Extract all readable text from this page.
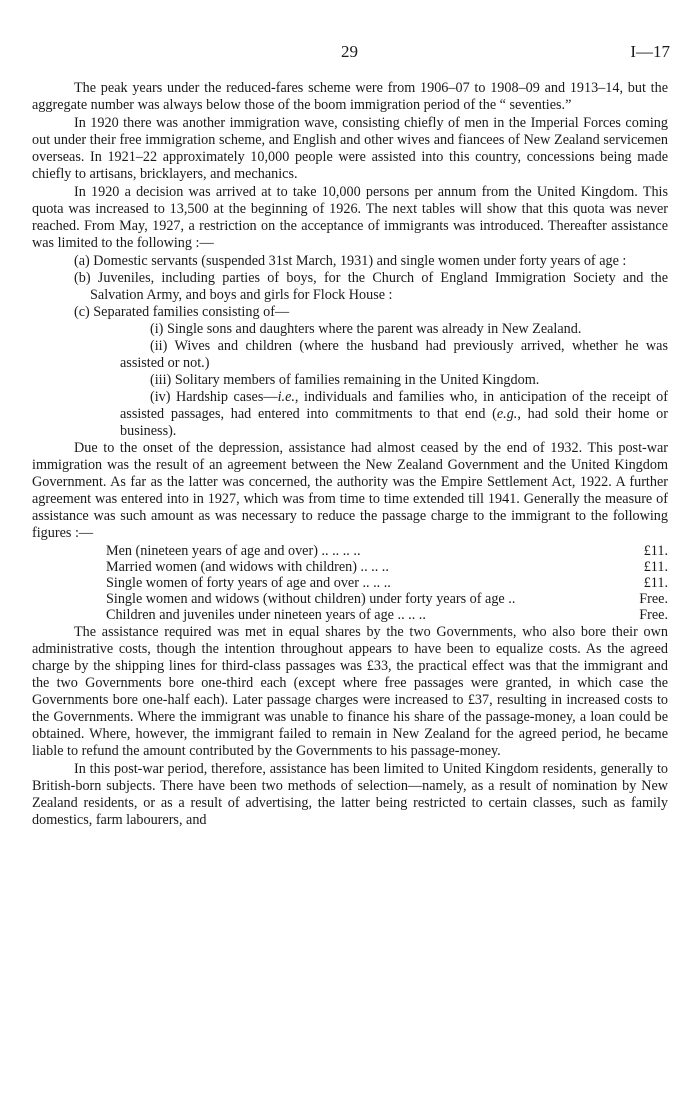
29	I—17

The peak years under the reduced-fares scheme were from 1906–07 to 1908–09 and 1913–14, but the aggregate number was always below those of the boom immigration period of the “ seventies.”

In 1920 there was another immigration wave, consisting chiefly of men in the Imperial Forces coming out under their free immigration scheme, and English and other wives and fiancees of New Zealand servicemen overseas. In 1921–22 approximately 10,000 people were assisted into this country, concessions being made chiefly to artisans, bricklayers, and mechanics.

In 1920 a decision was arrived at to take 10,000 persons per annum from the United Kingdom. This quota was increased to 13,500 at the beginning of 1926. The next tables will show that this quota was never reached. From May, 1927, a restriction on the acceptance of immigrants was introduced. Thereafter assistance was limited to the following :—

(a) Domestic servants (suspended 31st March, 1931) and single women under forty years of age :

(b) Juveniles, including parties of boys, for the Church of England Immigration Society and the Salvation Army, and boys and girls for Flock House :

(c) Separated families consisting of—

(i) Single sons and daughters where the parent was already in New Zealand.

(ii) Wives and children (where the husband had previously arrived, whether he was assisted or not.)

(iii) Solitary members of families remaining in the United Kingdom.

(iv) Hardship cases—i.e., individuals and families who, in anticipation of the receipt of assisted passages, had entered into commitments to that end (e.g., had sold their home or business).

Due to the onset of the depression, assistance had almost ceased by the end of 1932. This post-war immigration was the result of an agreement between the New Zealand Government and the United Kingdom Government. As far as the latter was concerned, the authority was the Empire Settlement Act, 1922. A further agreement was entered into in 1927, which was from time to time extended till 1941. Generally the measure of assistance was such amount as was necessary to reduce the passage charge to the immigrant to the following figures :—

Men (nineteen years of age and over) .. .. .. ..	£11.
Married women (and widows with children) .. .. ..	£11.
Single women of forty years of age and over .. .. ..	£11.
Single women and widows (without children) under forty years of age ..	Free.
Children and juveniles under nineteen years of age .. .. ..	Free.

The assistance required was met in equal shares by the two Governments, who also bore their own administrative costs, though the intention throughout appears to have been to equalize costs. As the agreed charge by the shipping lines for third-class passages was £33, the practical effect was that the immigrant and the two Governments bore one-third each (except where free passages were granted, in which case the Governments bore one-half each). Later passage charges were increased to £37, resulting in increased costs to the Governments. Where the immigrant was unable to finance his share of the passage-money, a loan could be obtained. Where, however, the immigrant failed to remain in New Zealand for the agreed period, he became liable to refund the amount contributed by the Governments to his passage-money.

In this post-war period, therefore, assistance has been limited to United Kingdom residents, generally to British-born subjects. There have been two methods of selection—namely, as a result of nomination by New Zealand residents, or as a result of advertising, the latter being restricted to certain classes, such as family domestics, farm labourers, and
